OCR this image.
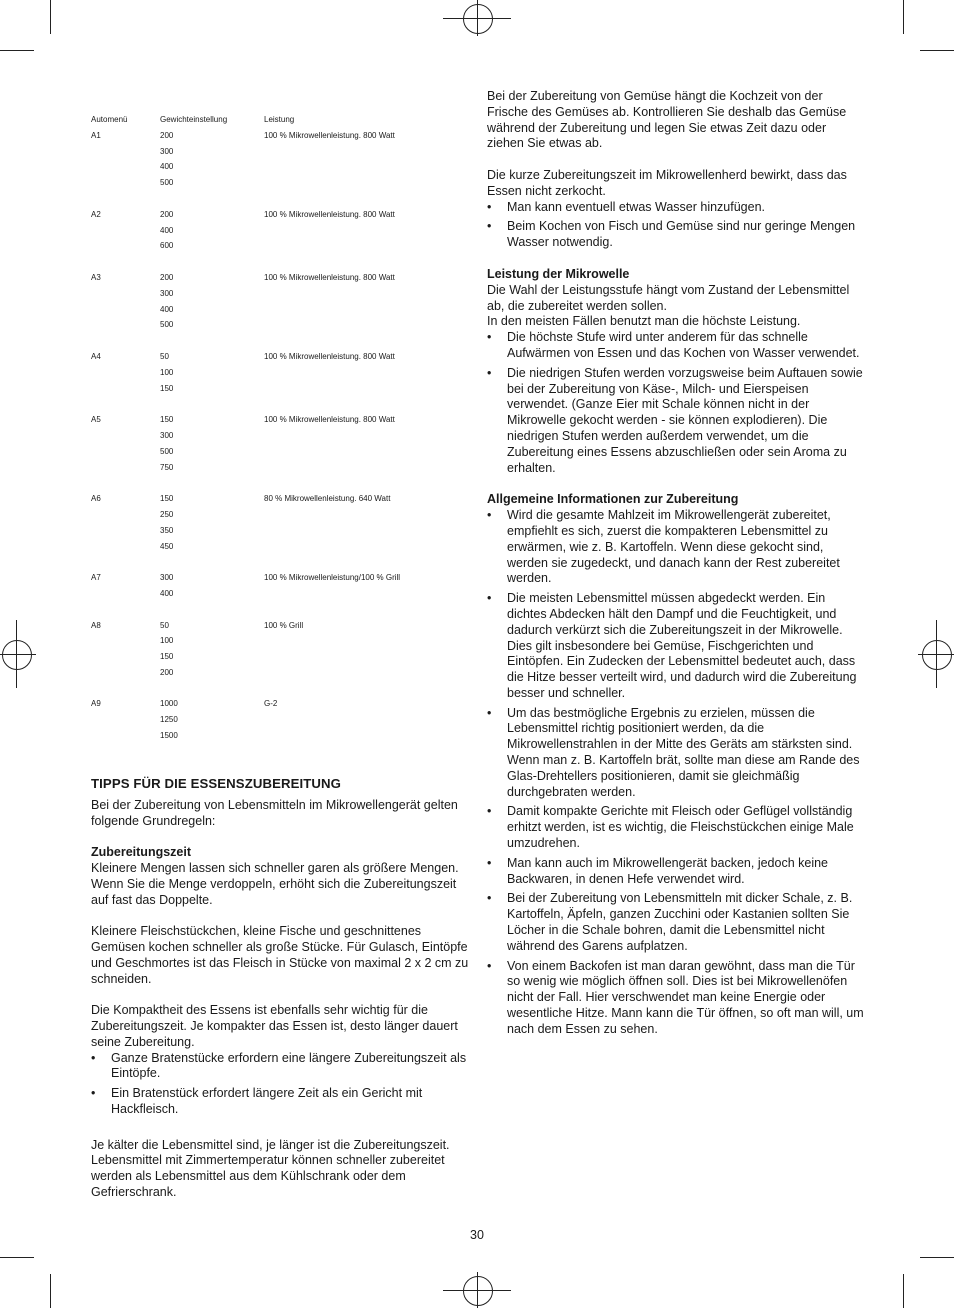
Automenü	Gewichteinstellung	Leistung
A1	200	100 % Mikrowellenleistung. 800 Watt
	300	
	400	
	500	

A2	200	100 % Mikrowellenleistung. 800 Watt
	400	
	600	

A3	200	100 % Mikrowellenleistung. 800 Watt
	300	
	400	
	500	

A4	50	100 % Mikrowellenleistung. 800 Watt
	100	
	150	

A5	150	100 % Mikrowellenleistung. 800 Watt
	300	
	500	
	750	

A6	150	80 % Mikrowellenleistung. 640 Watt
	250	
	350	
	450	

A7	300	100 % Mikrowellenleistung/100 % Grill
	400	

A8	50	100 % Grill
	100	
	150	
	200	

A9	1000	G-2
	1250	
	1500	
TIPPS FÜR DIE ESSENSZUBEREITUNG

Bei der Zubereitung von Lebensmitteln im Mikrowellengerät gelten folgende Grundregeln:

Zubereitungszeit

Kleinere Mengen lassen sich schneller garen als größere Mengen. Wenn Sie die Menge verdoppeln, erhöht sich die Zubereitungszeit auf fast das Doppelte.

Kleinere Fleischstückchen, kleine Fische und geschnittenes Gemüsen kochen schneller als große Stücke. Für Gulasch, Eintöpfe und Geschmortes ist das Fleisch in Stücke von maximal 2 x 2 cm zu schneiden.

Die Kompaktheit des Essens ist ebenfalls sehr wichtig für die Zubereitungszeit. Je kompakter das Essen ist, desto länger dauert seine Zubereitung.

• Ganze Bratenstücke erfordern eine längere Zubereitungszeit als Eintöpfe.
• Ein Bratenstück erfordert längere Zeit als ein Gericht mit Hackfleisch.

Je kälter die Lebensmittel sind, je länger ist die Zubereitungszeit. Lebensmittel mit Zimmertemperatur können schneller zubereitet werden als Lebensmittel aus dem Kühlschrank oder dem Gefrierschrank.

Bei der Zubereitung von Gemüse hängt die Kochzeit von der Frische des Gemüses ab. Kontrollieren Sie deshalb das Gemüse während der Zubereitung und legen Sie etwas Zeit dazu oder ziehen Sie etwas ab.

Die kurze Zubereitungszeit im Mikrowellenherd bewirkt, dass das Essen nicht zerkocht.

• Man kann eventuell etwas Wasser hinzufügen.
• Beim Kochen von Fisch und Gemüse sind nur geringe Mengen Wasser notwendig.
Leistung der Mikrowelle

Die Wahl der Leistungsstufe hängt vom Zustand der Lebensmittel ab, die zubereitet werden sollen.

In den meisten Fällen benutzt man die höchste Leistung.

• Die höchste Stufe wird unter anderem für das schnelle Aufwärmen von Essen und das Kochen von Wasser verwendet.
• Die niedrigen Stufen werden vorzugsweise beim Auftauen sowie bei der Zubereitung von Käse-, Milch- und Eierspeisen verwendet. (Ganze Eier mit Schale können nicht in der Mikrowelle gekocht werden - sie können explodieren). Die niedrigen Stufen werden außerdem verwendet, um die Zubereitung eines Essens abzuschließen oder sein Aroma zu erhalten.
Allgemeine Informationen zur Zubereitung
• Wird die gesamte Mahlzeit im Mikrowellengerät zubereitet, empfiehlt es sich, zuerst die kompakteren Lebensmittel zu erwärmen, wie z. B. Kartoffeln. Wenn diese gekocht sind, werden sie zugedeckt, und danach kann der Rest zubereitet werden.
• Die meisten Lebensmittel müssen abgedeckt werden. Ein dichtes Abdecken hält den Dampf und die Feuchtigkeit, und dadurch verkürzt sich die Zubereitungszeit in der Mikrowelle. Dies gilt insbesondere bei Gemüse, Fischgerichten und Eintöpfen. Ein Zudecken der Lebensmittel bedeutet auch, dass die Hitze besser verteilt wird, und dadurch wird die Zubereitung besser und schneller.
• Um das bestmögliche Ergebnis zu erzielen, müssen die Lebensmittel richtig positioniert werden, da die Mikrowellenstrahlen in der Mitte des Geräts am stärksten sind. Wenn man z. B. Kartoffeln brät, sollte man diese am Rande des Glas-Drehtellers positionieren, damit sie gleichmäßig durchgebraten werden.
• Damit kompakte Gerichte mit Fleisch oder Geflügel vollständig erhitzt werden, ist es wichtig, die Fleischstückchen einige Male umzudrehen.
• Man kann auch im Mikrowellengerät backen, jedoch keine Backwaren, in denen Hefe verwendet wird.
• Bei der Zubereitung von Lebensmitteln mit dicker Schale, z. B. Kartoffeln, Äpfeln, ganzen Zucchini oder Kastanien sollten Sie Löcher in die Schale bohren, damit die Lebensmittel nicht während des Garens aufplatzen.
• Von einem Backofen ist man daran gewöhnt, dass man die Tür so wenig wie möglich öffnen soll. Dies ist bei Mikrowellenöfen nicht der Fall. Hier verschwendet man keine Energie oder wesentliche Hitze. Mann kann die Tür öffnen, so oft man will, um nach dem Essen zu sehen.
30
